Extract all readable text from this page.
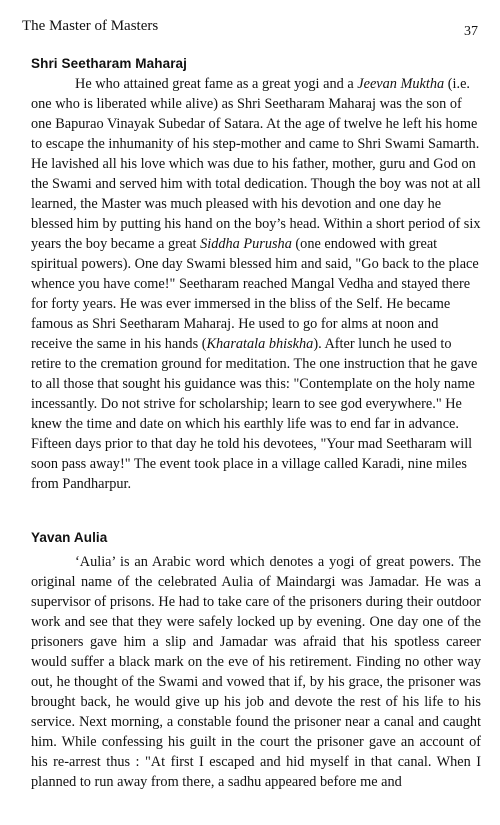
The Master of Masters	37
Shri Seetharam Maharaj

He who attained great fame as a great yogi and a Jeevan Muktha (i.e. one who is liberated while alive) as Shri Seetharam Maharaj was the son of one Bapurao Vinayak Subedar of Satara. At the age of twelve he left his home to escape the inhumanity of his step-mother and came to Shri Swami Samarth. He lavished all his love which was due to his father, mother, guru and God on the Swami and served him with total dedication. Though the boy was not at all learned, the Master was much pleased with his devotion and one day he blessed him by putting his hand on the boy’s head. Within a short period of six years the boy became a great Siddha Purusha (one endowed with great spiritual powers). One day Swami blessed him and said, "Go back to the place whence you have come!" Seetharam reached Mangal Vedha and stayed there for forty years. He was ever immersed in the bliss of the Self. He became famous as Shri Seetharam Maharaj. He used to go for alms at noon and receive the same in his hands (Kharatala bhiskha). After lunch he used to retire to the cremation ground for meditation. The one instruction that he gave to all those that sought his guidance was this: "Contemplate on the holy name incessantly. Do not strive for scholarship; learn to see god everywhere." He knew the time and date on which his earthly life was to end far in advance. Fifteen days prior to that day he told his devotees, "Your mad Seetharam will soon pass away!" The event took place in a village called Karadi, nine miles from Pandharpur.

Yavan Aulia

‘Aulia’ is an Arabic word which denotes a yogi of great powers. The original name of the celebrated Aulia of Maindargi was Jamadar. He was a supervisor of prisons. He had to take care of the prisoners during their outdoor work and see that they were safely locked up by evening. One day one of the prisoners gave him a slip and Jamadar was afraid that his spotless career would suffer a black mark on the eve of his retirement. Finding no other way out, he thought of the Swami and vowed that if, by his grace, the prisoner was brought back, he would give up his job and devote the rest of his life to his service. Next morning, a constable found the prisoner near a canal and caught him. While confessing his guilt in the court the prisoner gave an account of his re-arrest thus : "At first I escaped and hid myself in that canal. When I planned to run away from there, a sadhu appeared before me and
